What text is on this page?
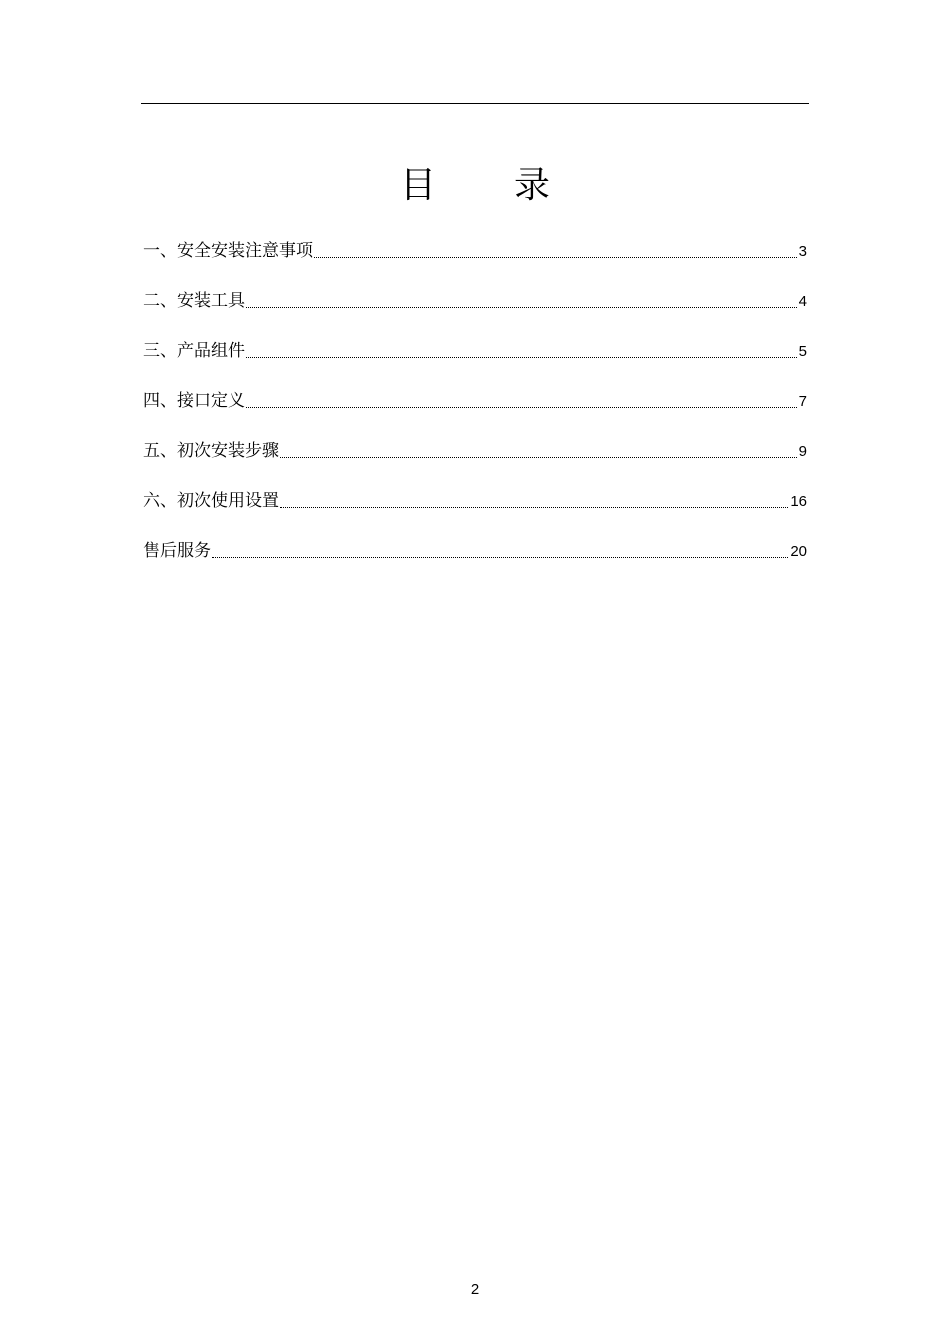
目 录
一、安全安装注意事项	3
二、安装工具	4
三、产品组件	5
四、接口定义	7
五、初次安装步骤	9
六、初次使用设置	16
售后服务	20
2
